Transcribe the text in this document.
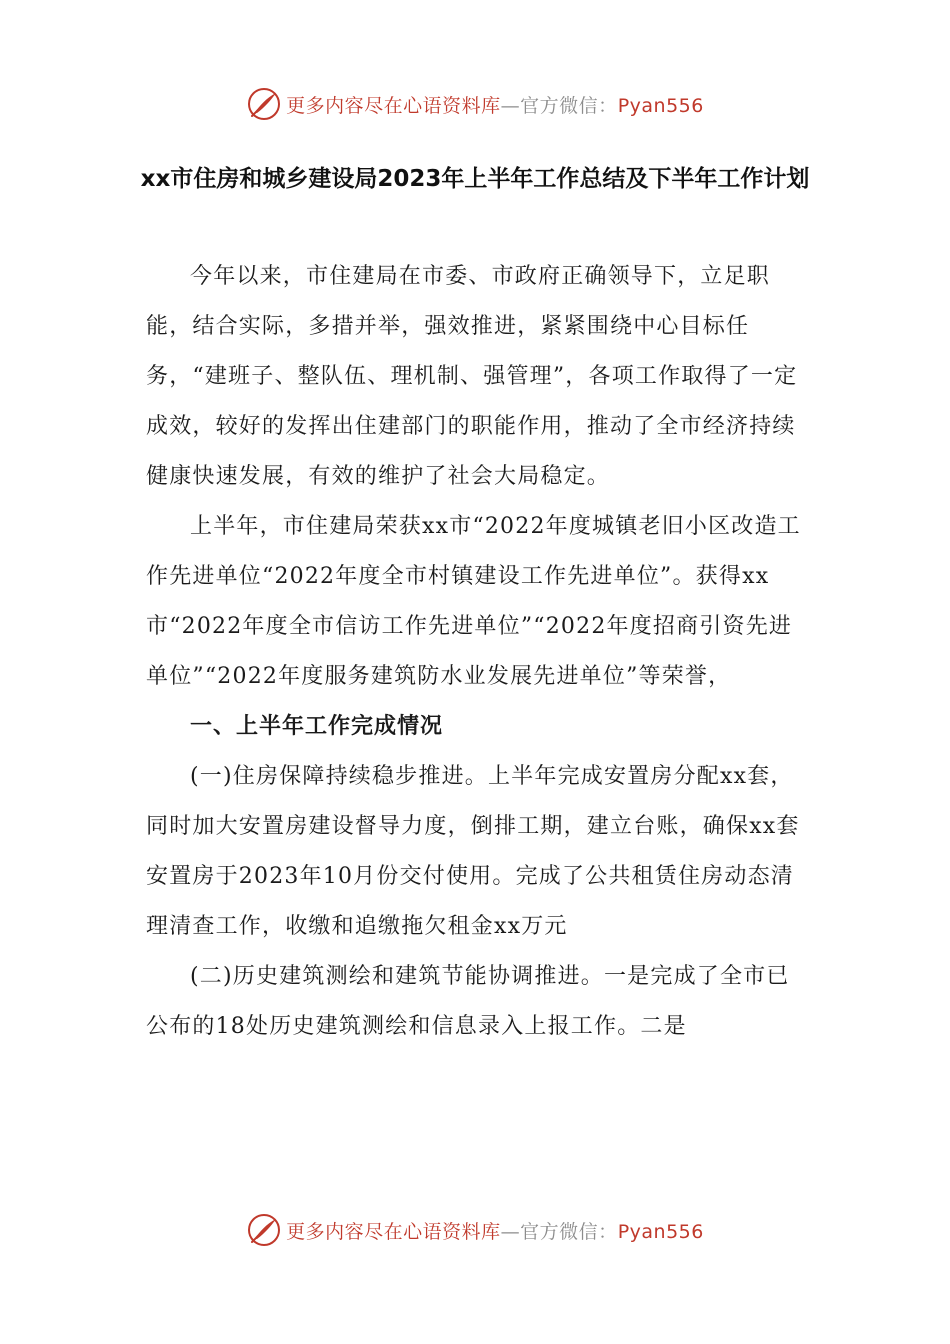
更多内容尽在心语资料库—官方微信：Pyan556
xx市住房和城乡建设局2023年上半年工作总结及下半年工作计划

今年以来，市住建局在市委、市政府正确领导下，立足职能，结合实际，多措并举，强效推进，紧紧围绕中心目标任务，“建班子、整队伍、理机制、强管理”，各项工作取得了一定成效，较好的发挥出住建部门的职能作用，推动了全市经济持续健康快速发展，有效的维护了社会大局稳定。

上半年，市住建局荣获xx市“2022年度城镇老旧小区改造工作先进单位“2022年度全市村镇建设工作先进单位”。获得xx市“2022年度全市信访工作先进单位”“2022年度招商引资先进单位”“2022年度服务建筑防水业发展先进单位”等荣誉，

一、上半年工作完成情况

(一)住房保障持续稳步推进。上半年完成安置房分配xx套，同时加大安置房建设督导力度，倒排工期，建立台账，确保xx套安置房于2023年10月份交付使用。完成了公共租赁住房动态清理清查工作，收缴和追缴拖欠租金xx万元

(二)历史建筑测绘和建筑节能协调推进。一是完成了全市已公布的18处历史建筑测绘和信息录入上报工作。二是

更多内容尽在心语资料库—官方微信：Pyan556
